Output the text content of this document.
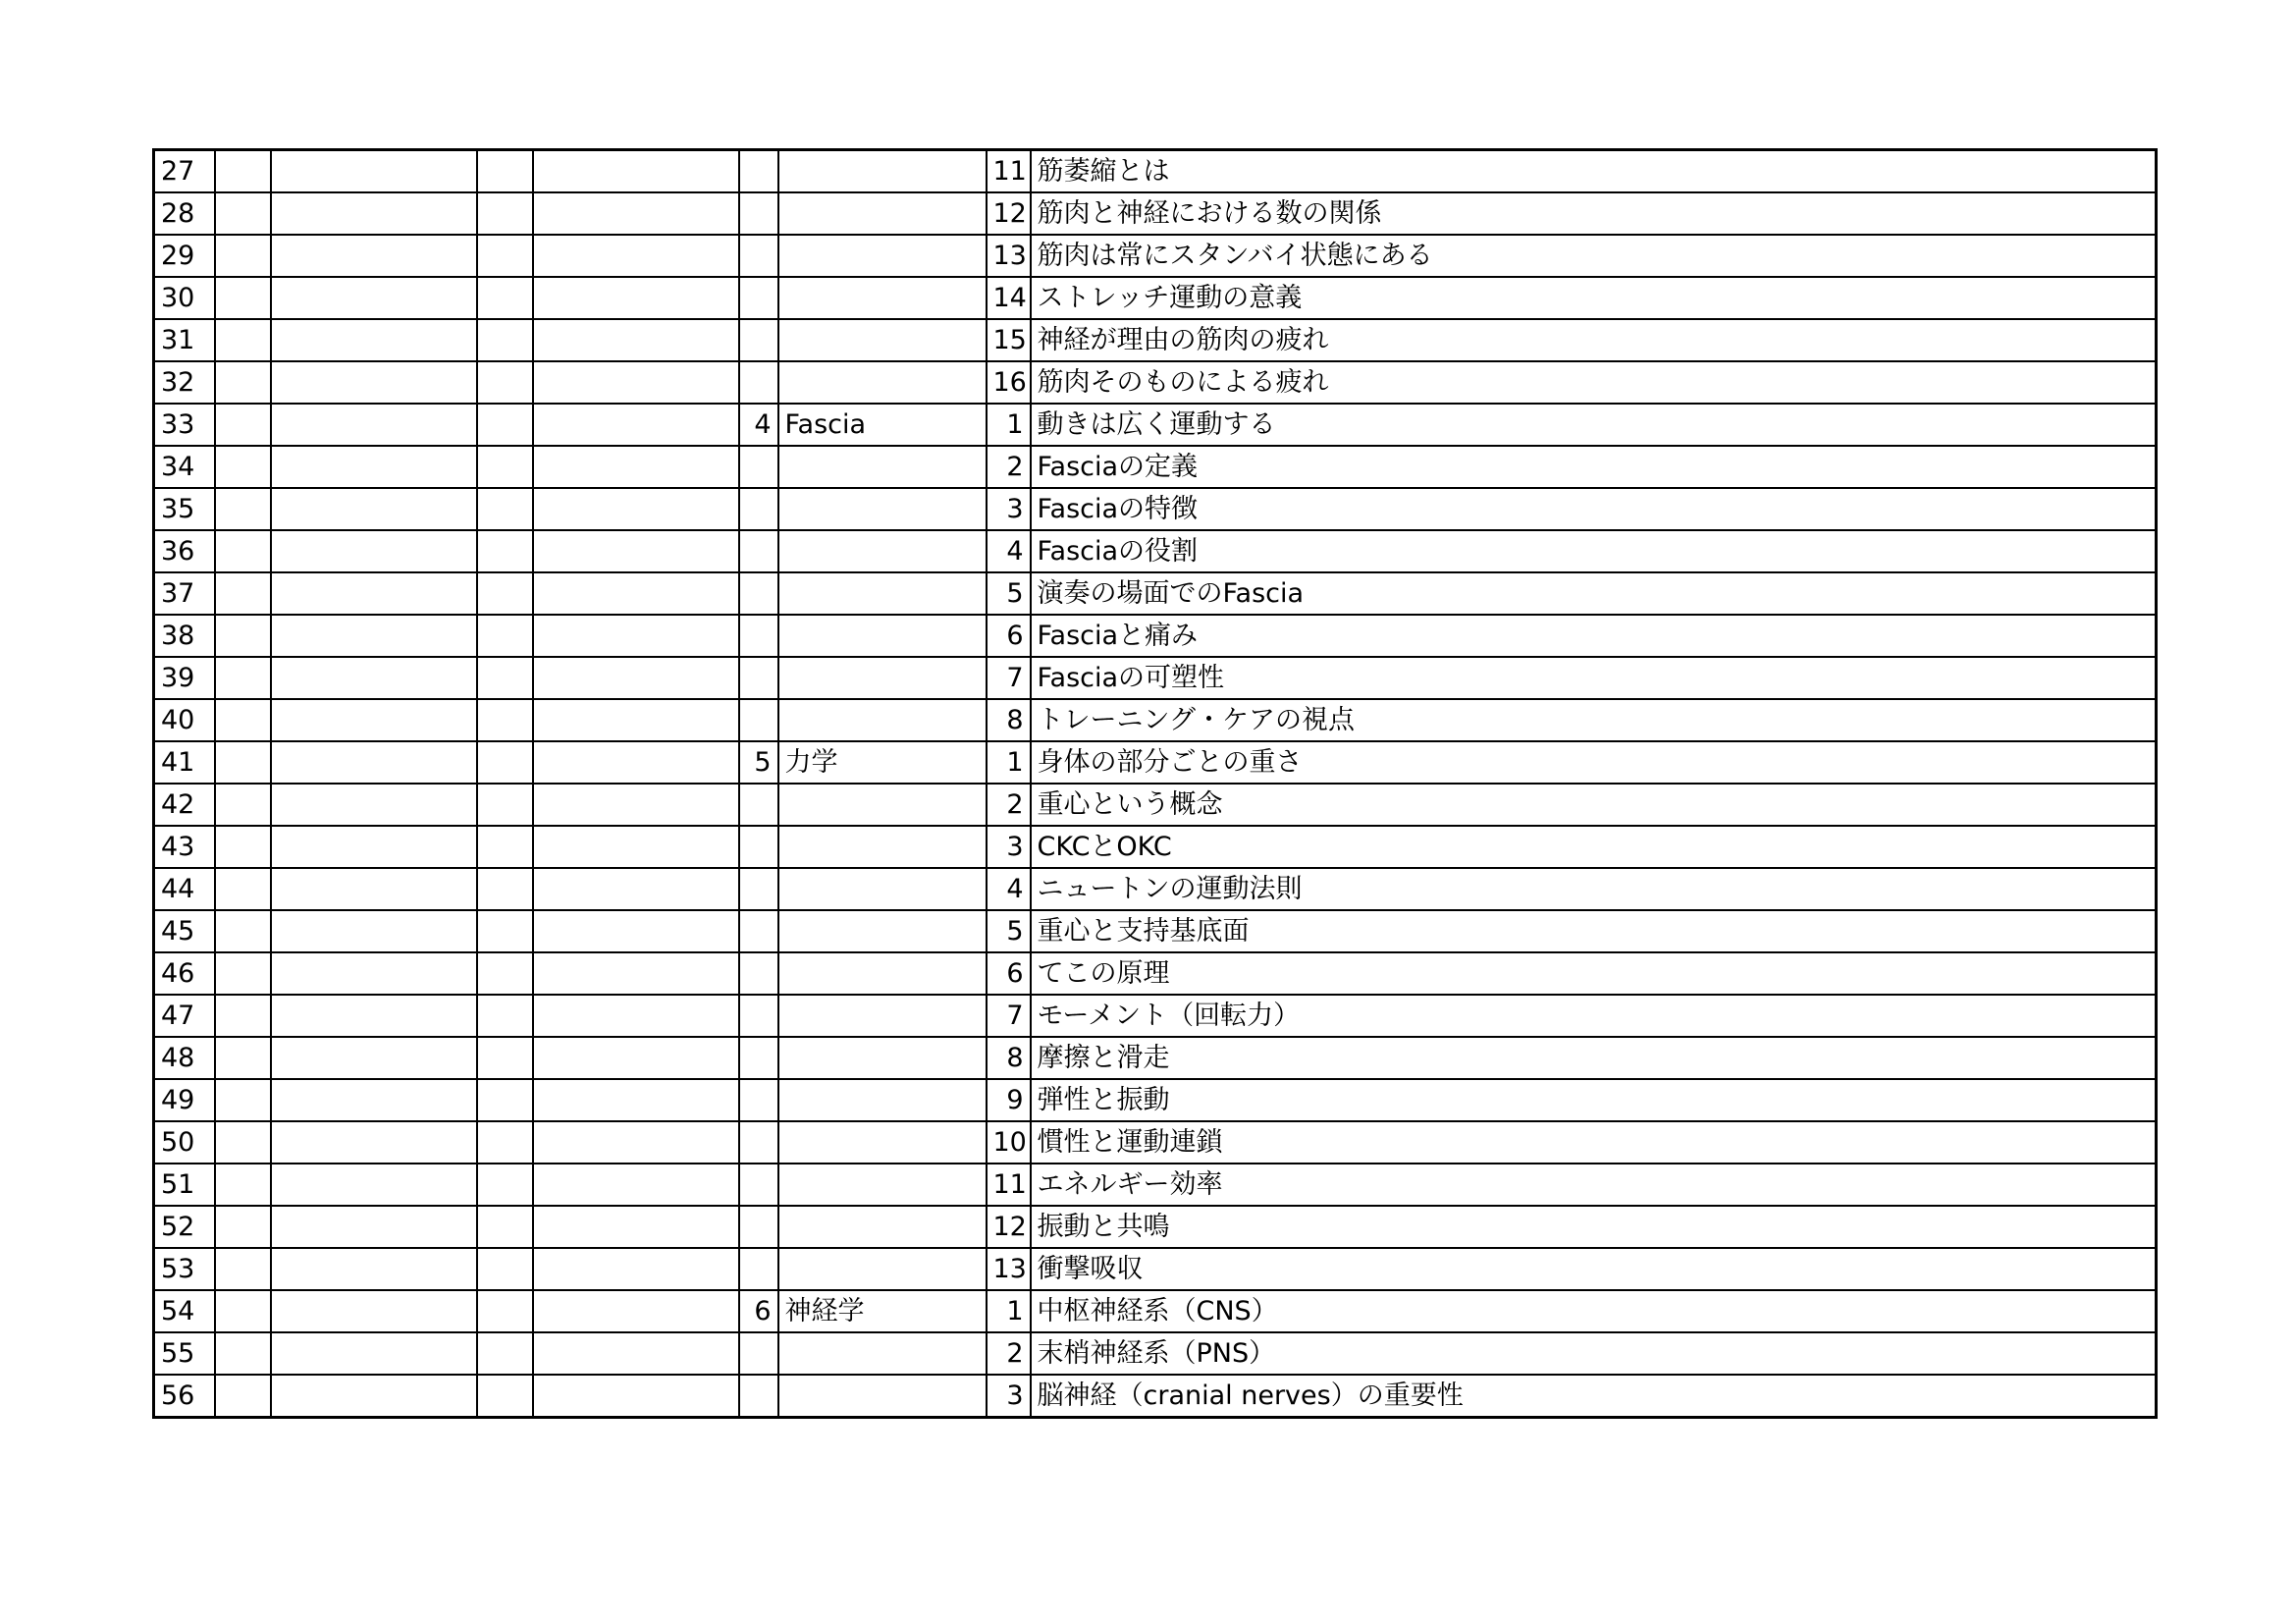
27							11	筋萎縮とは
28							12	筋肉と神経における数の関係
29							13	筋肉は常にスタンバイ状態にある
30							14	ストレッチ運動の意義
31							15	神経が理由の筋肉の疲れ
32							16	筋肉そのものによる疲れ
33					4	Fascia	1	動きは広く運動する
34							2	Fasciaの定義
35							3	Fasciaの特徴
36							4	Fasciaの役割
37							5	演奏の場面でのFascia
38							6	Fasciaと痛み
39							7	Fasciaの可塑性
40							8	トレーニング・ケアの視点
41					5	力学	1	身体の部分ごとの重さ
42							2	重心という概念
43							3	CKCとOKC
44							4	ニュートンの運動法則
45							5	重心と支持基底面
46							6	てこの原理
47							7	モーメント（回転力）
48							8	摩擦と滑走
49							9	弾性と振動
50							10	慣性と運動連鎖
51							11	エネルギー効率
52							12	振動と共鳴
53							13	衝撃吸収
54					6	神経学	1	中枢神経系（CNS）
55							2	末梢神経系（PNS）
56							3	脳神経（cranial nerves）の重要性
